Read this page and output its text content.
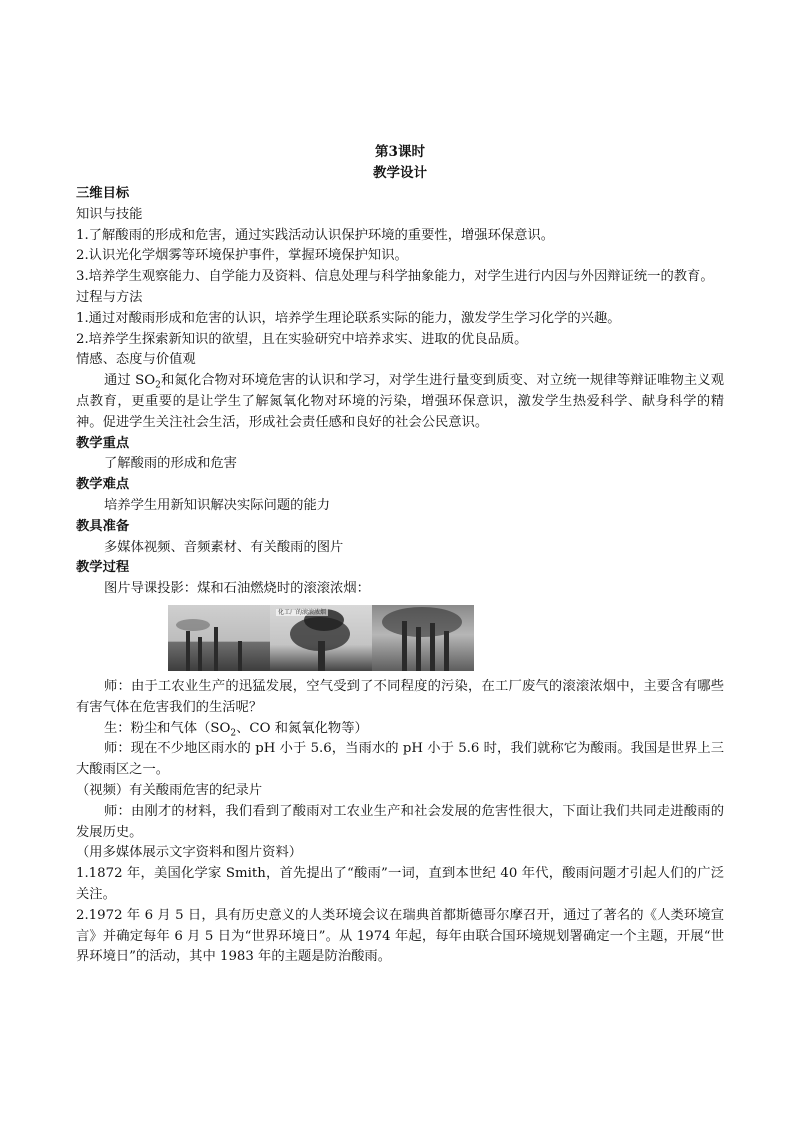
第3课时
教学设计
三维目标
知识与技能
1.了解酸雨的形成和危害，通过实践活动认识保护环境的重要性，增强环保意识。
2.认识光化学烟雾等环境保护事件，掌握环境保护知识。
3.培养学生观察能力、自学能力及资料、信息处理与科学抽象能力，对学生进行内因与外因辩证统一的教育。
过程与方法
1.通过对酸雨形成和危害的认识，培养学生理论联系实际的能力，激发学生学习化学的兴趣。
2.培养学生探索新知识的欲望，且在实验研究中培养求实、进取的优良品质。
情感、态度与价值观
通过 $SO_2$和氮化合物对环境危害的认识和学习，对学生进行量变到质变、对立统一规律等辩证唯物主义观点教育，更重要的是让学生了解氮氧化物对环境的污染，增强环保意识，激发学生热爱科学、献身科学的精神。促进学生关注社会生活，形成社会责任感和良好的社会公民意识。
教学重点
了解酸雨的形成和危害
教学难点
培养学生用新知识解决实际问题的能力
教具准备
多媒体视频、音频素材、有关酸雨的图片
教学过程
图片导课投影：煤和石油燃烧时的滚滚浓烟：
化工厂的滚滚浓烟
师：由于工农业生产的迅猛发展，空气受到了不同程度的污染，在工厂废气的滚滚浓烟中，主要含有哪些有害气体在危害我们的生活呢？
生：粉尘和气体（$SO_2$、CO 和氮氧化物等）
师：现在不少地区雨水的 pH 小于 5.6，当雨水的 pH 小于 5.6 时，我们就称它为酸雨。我国是世界上三大酸雨区之一。
（视频）有关酸雨危害的纪录片
师：由刚才的材料，我们看到了酸雨对工农业生产和社会发展的危害性很大，下面让我们共同走进酸雨的发展历史。
（用多媒体展示文字资料和图片资料）
1.1872 年，美国化学家 Smith，首先提出了“酸雨”一词，直到本世纪 40 年代，酸雨问题才引起人们的广泛关注。
2.1972 年 6 月 5 日，具有历史意义的人类环境会议在瑞典首都斯德哥尔摩召开，通过了著名的《人类环境宣言》并确定每年 6 月 5 日为“世界环境日”。从 1974 年起，每年由联合国环境规划署确定一个主题，开展“世界环境日”的活动，其中 1983 年的主题是防治酸雨。
